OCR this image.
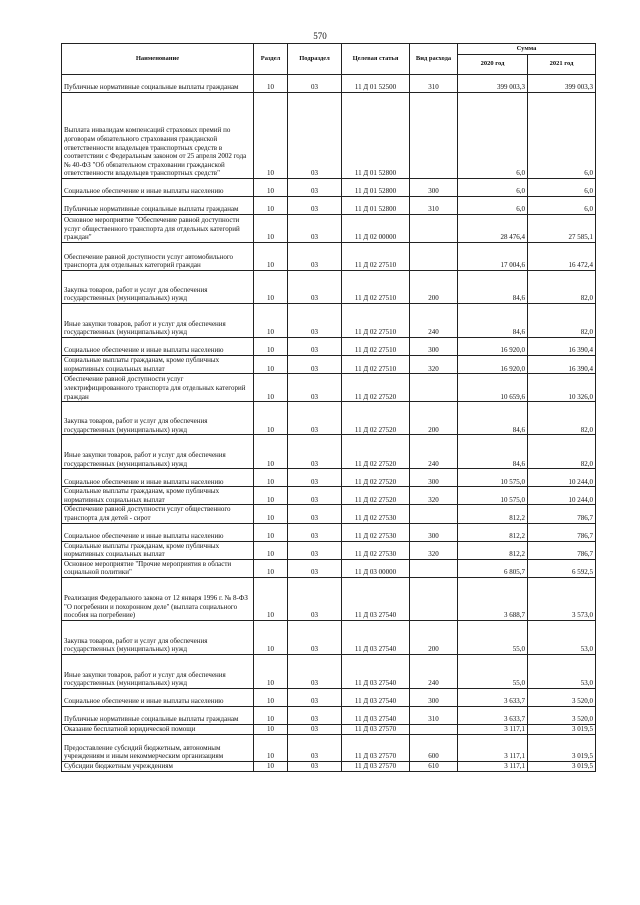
570
Наименование	Раздел	Подраздел	Целевая статья	Вид расхода	Сумма	
					2020 год	2021 год
Публичные нормативные социальные выплаты гражданам	10	03	11 Д 01 52500	310	399 003,3	399 003,3
Выплата инвалидам компенсаций страховых премий по договорам обязательного страхования гражданской ответственности владельцев транспортных средств в соответствии с Федеральным законом от 25 апреля 2002 года № 40-ФЗ "Об обязательном страховании гражданской ответственности владельцев транспортных средств"	10	03	11 Д 01 52800		6,0	6,0
Социальное обеспечение и иные выплаты населению	10	03	11 Д 01 52800	300	6,0	6,0
Публичные нормативные социальные выплаты гражданам	10	03	11 Д 01 52800	310	6,0	6,0
Основное мероприятие "Обеспечение равной доступности услуг общественного транспорта для отдельных категорий граждан"	10	03	11 Д 02 00000		28 476,4	27 585,1
Обеспечение равной доступности услуг автомобильного транспорта для отдельных категорий граждан	10	03	11 Д 02 27510		17 004,6	16 472,4
Закупка товаров, работ и услуг для обеспечения государственных (муниципальных) нужд	10	03	11 Д 02 27510	200	84,6	82,0
Иные закупки товаров, работ и услуг для обеспечения государственных (муниципальных) нужд	10	03	11 Д 02 27510	240	84,6	82,0
Социальное обеспечение и иные выплаты населению	10	03	11 Д 02 27510	300	16 920,0	16 390,4
Социальные выплаты гражданам, кроме публичных нормативных социальных выплат	10	03	11 Д 02 27510	320	16 920,0	16 390,4
Обеспечение равной доступности услуг электрифицированного транспорта для отдельных категорий граждан	10	03	11 Д 02 27520		10 659,6	10 326,0
Закупка товаров, работ и услуг для обеспечения государственных (муниципальных) нужд	10	03	11 Д 02 27520	200	84,6	82,0
Иные закупки товаров, работ и услуг для обеспечения государственных (муниципальных) нужд	10	03	11 Д 02 27520	240	84,6	82,0
Социальное обеспечение и иные выплаты населению	10	03	11 Д 02 27520	300	10 575,0	10 244,0
Социальные выплаты гражданам, кроме публичных нормативных социальных выплат	10	03	11 Д 02 27520	320	10 575,0	10 244,0
Обеспечение равной доступности услуг общественного транспорта для детей - сирот	10	03	11 Д 02 27530		812,2	786,7
Социальное обеспечение и иные выплаты населению	10	03	11 Д 02 27530	300	812,2	786,7
Социальные выплаты гражданам, кроме публичных нормативных социальных выплат	10	03	11 Д 02 27530	320	812,2	786,7
Основное мероприятие "Прочие мероприятия в области социальной политики"	10	03	11 Д 03 00000		6 805,7	6 592,5
Реализация Федерального закона от 12 января 1996 г. № 8-ФЗ "О погребении и похоронном деле" (выплата социального пособия на погребение)	10	03	11 Д 03 27540		3 688,7	3 573,0
Закупка товаров, работ и услуг для обеспечения государственных (муниципальных) нужд	10	03	11 Д 03 27540	200	55,0	53,0
Иные закупки товаров, работ и услуг для обеспечения государственных (муниципальных) нужд	10	03	11 Д 03 27540	240	55,0	53,0
Социальное обеспечение и иные выплаты населению	10	03	11 Д 03 27540	300	3 633,7	3 520,0
Публичные нормативные социальные выплаты гражданам	10	03	11 Д 03 27540	310	3 633,7	3 520,0
Оказание бесплатной юридической помощи	10	03	11 Д 03 27570		3 117,1	3 019,5
Предоставление субсидий бюджетным, автономным учреждениям и иным некоммерческим организациям	10	03	11 Д 03 27570	600	3 117,1	3 019,5
Субсидии бюджетным учреждениям	10	03	11 Д 03 27570	610	3 117,1	3 019,5
